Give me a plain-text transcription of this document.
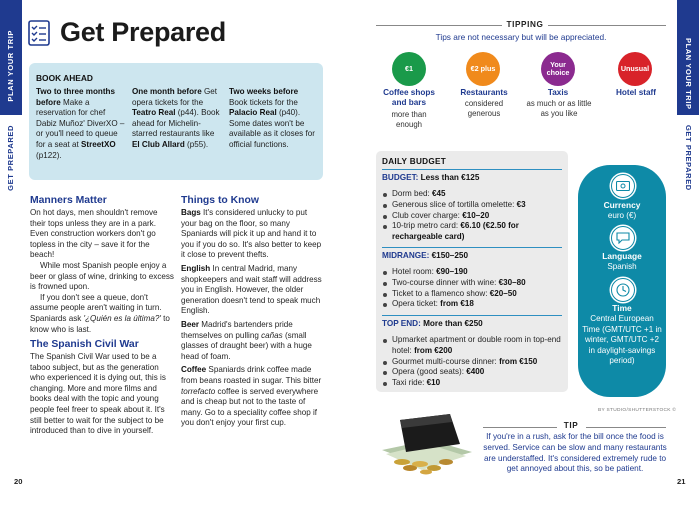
PLAN YOUR TRIP
GET PREPARED
PLAN YOUR TRIP
GET PREPARED
Get Prepared
BOOK AHEAD
Two to three months before Make a reservation for chef Dabiz Muñoz' DiverXO – or you'll need to queue for a seat at StreetXO (p122).
One month before Get opera tickets for the Teatro Real (p44). Book ahead for Michelin-starred restaurants like El Club Allard (p55).
Two weeks before Book tickets for the Palacio Real (p40). Some dates won't be available as it closes for official functions.
Manners Matter
On hot days, men shouldn't remove their tops unless they are in a park. Even construction workers don't go topless in the city – save it for the beach!
While most Spanish people enjoy a beer or glass of wine, drinking to excess is frowned upon.
If you don't see a queue, don't assume people aren't waiting in turn. Spaniards ask '¿Quién es la última?' to know who is last.
The Spanish Civil War
The Spanish Civil War used to be a taboo subject, but as the generation who experienced it is dying out, this is changing. More and more films and books deal with the topic and young people feel freer to speak about it. It's still better to wait for the subject to be introduced than to dive in yourself.
Things to Know
Bags It's considered unlucky to put your bag on the floor, so many Spaniards will pick it up and hand it to you if you do so. It's also better to keep it close to prevent thefts.
English In central Madrid, many shopkeepers and wait staff will address you in English. However, the older generation doesn't tend to speak much English.
Beer Madrid's bartenders pride themselves on pulling cañas (small glasses of draught beer) with a huge head of foam.
Coffee Spaniards drink coffee made from beans roasted in sugar. This bitter torrefacto coffee is served everywhere and is cheap but not to the taste of many. Go to a speciality coffee shop if you don't enjoy your first cup.
20
TIPPING
Tips are not necessary but will be appreciated.
€1	€2 plus	Your choice	Unusual
Coffee shops and bars
more than enough
Restaurants
considered generous
Taxis
as much or as little as you like
Hotel staff
DAILY BUDGET
BUDGET: Less than €125
Dorm bed: €45
Generous slice of tortilla omelette: €3
Club cover charge: €10–20
10-trip metro card: €6.10 (€2.50 for rechargeable card)
MIDRANGE: €150–250
Hotel room: €90–190
Two-course dinner with wine: €30–80
Ticket to a flamenco show: €20–50
Opera ticket: from €18
TOP END: More than €250
Upmarket apartment or double room in top-end hotel: from €200
Gourmet multi-course dinner: from €150
Opera (good seats): €400
Taxi ride: €10
Currency
euro (€)
Language
Spanish
Time
Central European Time (GMT/UTC +1 in winter, GMT/UTC +2 in daylight-savings period)
BY STUDIO/SHUTTERSTOCK ©
TIP
If you're in a rush, ask for the bill once the food is served. Service can be slow and many restaurants are understaffed. It's considered extremely rude to get annoyed about this, so be patient.
21
